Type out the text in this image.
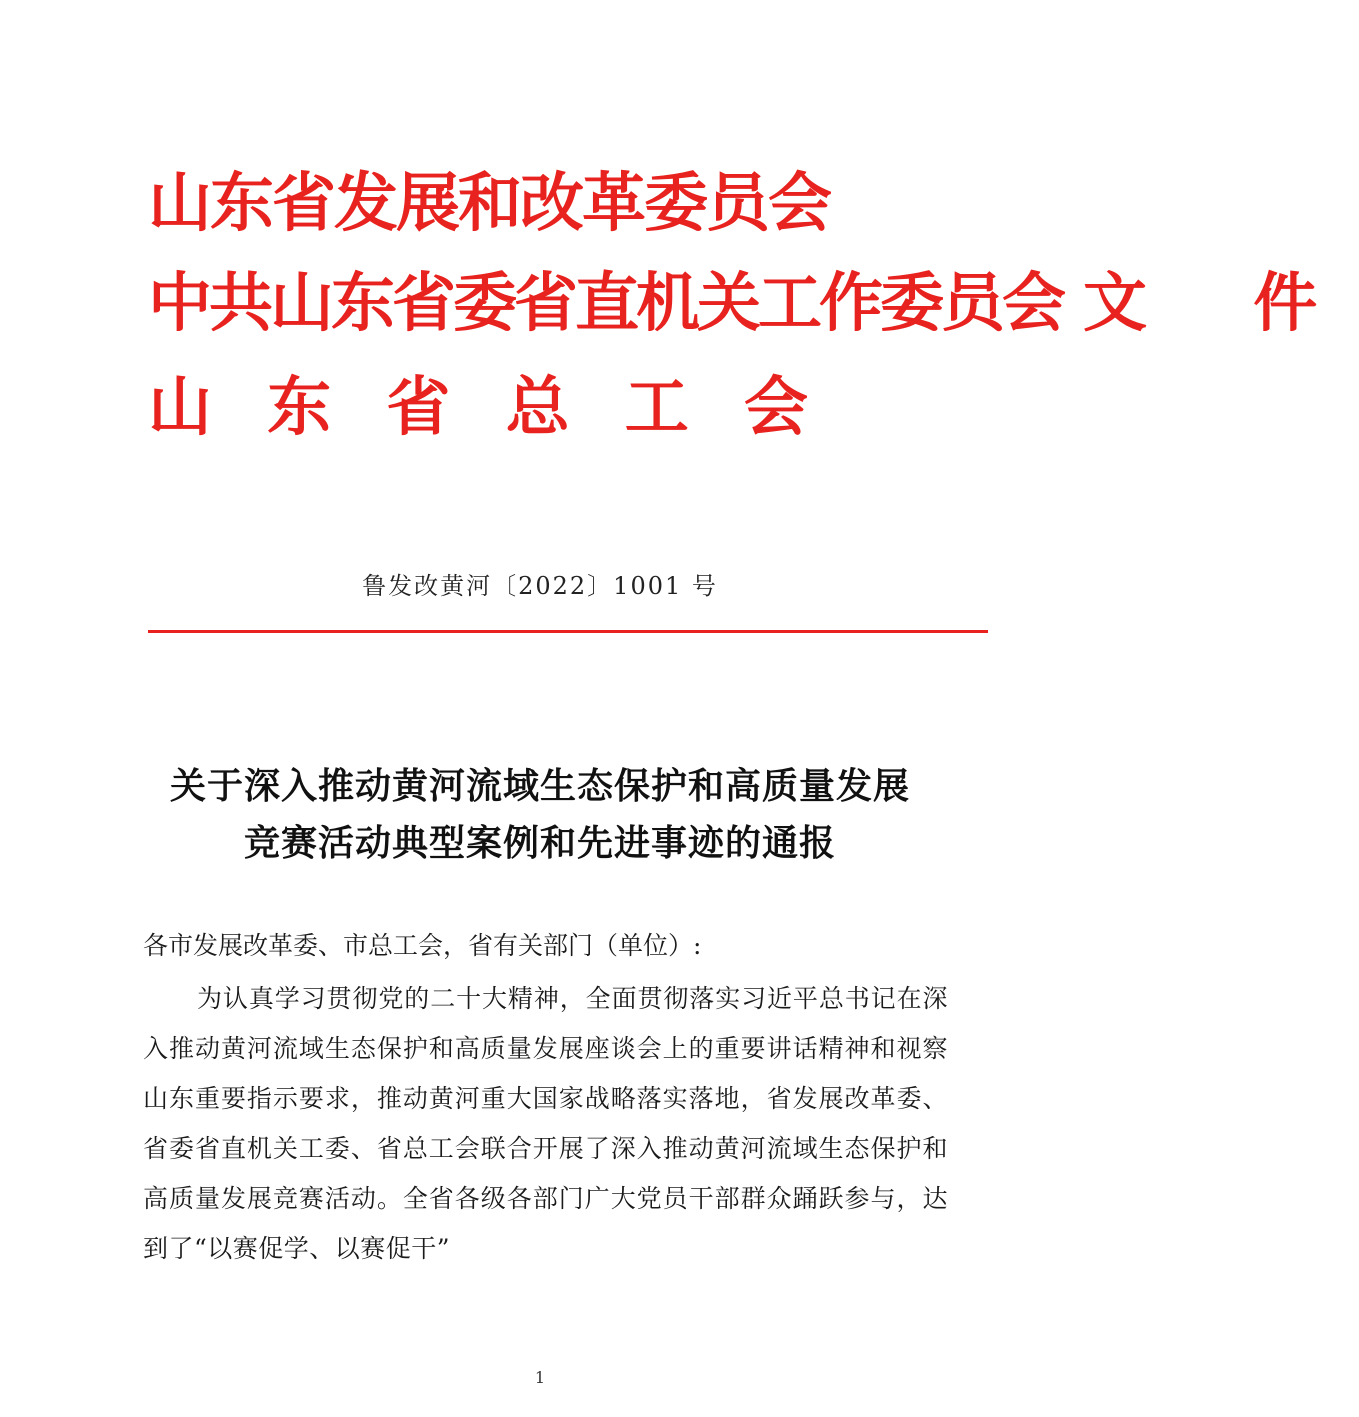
山东省发展和改革委员会
中共山东省委省直机关工作委员会 文 件
山 东 省 总 工 会
鲁发改黄河〔2022〕1001 号
关于深入推动黄河流域生态保护和高质量发展
竞赛活动典型案例和先进事迹的通报
各市发展改革委、市总工会，省有关部门（单位）:
为认真学习贯彻党的二十大精神，全面贯彻落实习近平总书记在深入推动黄河流域生态保护和高质量发展座谈会上的重要讲话精神和视察山东重要指示要求，推动黄河重大国家战略落实落地，省发展改革委、省委省直机关工委、省总工会联合开展了深入推动黄河流域生态保护和高质量发展竞赛活动。全省各级各部门广大党员干部群众踊跃参与，达到了“以赛促学、以赛促干”
1
